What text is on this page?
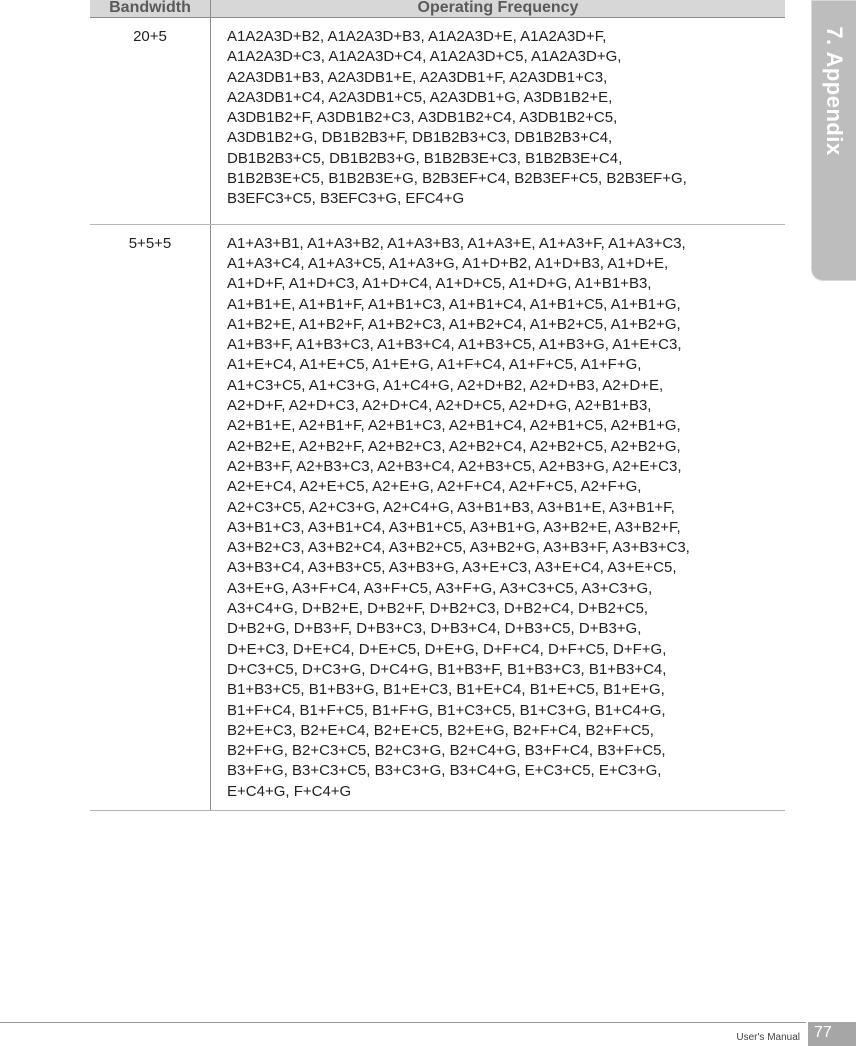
Bandwidth	Operating Frequency
20+5	A1A2A3D+B2, A1A2A3D+B3, A1A2A3D+E, A1A2A3D+F,
A1A2A3D+C3, A1A2A3D+C4, A1A2A3D+C5, A1A2A3D+G,
A2A3DB1+B3, A2A3DB1+E, A2A3DB1+F, A2A3DB1+C3,
A2A3DB1+C4, A2A3DB1+C5, A2A3DB1+G, A3DB1B2+E,
A3DB1B2+F, A3DB1B2+C3, A3DB1B2+C4, A3DB1B2+C5,
A3DB1B2+G, DB1B2B3+F, DB1B2B3+C3, DB1B2B3+C4,
DB1B2B3+C5, DB1B2B3+G, B1B2B3E+C3, B1B2B3E+C4,
B1B2B3E+C5, B1B2B3E+G, B2B3EF+C4, B2B3EF+C5, B2B3EF+G,
B3EFC3+C5, B3EFC3+G, EFC4+G
5+5+5	A1+A3+B1, A1+A3+B2, A1+A3+B3, A1+A3+E, A1+A3+F, A1+A3+C3,
A1+A3+C4, A1+A3+C5, A1+A3+G, A1+D+B2, A1+D+B3, A1+D+E,
A1+D+F, A1+D+C3, A1+D+C4, A1+D+C5, A1+D+G, A1+B1+B3,
A1+B1+E, A1+B1+F, A1+B1+C3, A1+B1+C4, A1+B1+C5, A1+B1+G,
A1+B2+E, A1+B2+F, A1+B2+C3, A1+B2+C4, A1+B2+C5, A1+B2+G,
A1+B3+F, A1+B3+C3, A1+B3+C4, A1+B3+C5, A1+B3+G, A1+E+C3,
A1+E+C4, A1+E+C5, A1+E+G, A1+F+C4, A1+F+C5, A1+F+G,
A1+C3+C5, A1+C3+G, A1+C4+G, A2+D+B2, A2+D+B3, A2+D+E,
A2+D+F, A2+D+C3, A2+D+C4, A2+D+C5, A2+D+G, A2+B1+B3,
A2+B1+E, A2+B1+F, A2+B1+C3, A2+B1+C4, A2+B1+C5, A2+B1+G,
A2+B2+E, A2+B2+F, A2+B2+C3, A2+B2+C4, A2+B2+C5, A2+B2+G,
A2+B3+F, A2+B3+C3, A2+B3+C4, A2+B3+C5, A2+B3+G, A2+E+C3,
A2+E+C4, A2+E+C5, A2+E+G, A2+F+C4, A2+F+C5, A2+F+G,
A2+C3+C5, A2+C3+G, A2+C4+G, A3+B1+B3, A3+B1+E, A3+B1+F,
A3+B1+C3, A3+B1+C4, A3+B1+C5, A3+B1+G, A3+B2+E, A3+B2+F,
A3+B2+C3, A3+B2+C4, A3+B2+C5, A3+B2+G, A3+B3+F, A3+B3+C3,
A3+B3+C4, A3+B3+C5, A3+B3+G, A3+E+C3, A3+E+C4, A3+E+C5,
A3+E+G, A3+F+C4, A3+F+C5, A3+F+G, A3+C3+C5, A3+C3+G,
A3+C4+G, D+B2+E, D+B2+F, D+B2+C3, D+B2+C4, D+B2+C5,
D+B2+G, D+B3+F, D+B3+C3, D+B3+C4, D+B3+C5, D+B3+G,
D+E+C3, D+E+C4, D+E+C5, D+E+G, D+F+C4, D+F+C5, D+F+G,
D+C3+C5, D+C3+G, D+C4+G, B1+B3+F, B1+B3+C3, B1+B3+C4,
B1+B3+C5, B1+B3+G, B1+E+C3, B1+E+C4, B1+E+C5, B1+E+G,
B1+F+C4, B1+F+C5, B1+F+G, B1+C3+C5, B1+C3+G, B1+C4+G,
B2+E+C3, B2+E+C4, B2+E+C5, B2+E+G, B2+F+C4, B2+F+C5,
B2+F+G, B2+C3+C5, B2+C3+G, B2+C4+G, B3+F+C4, B3+F+C5,
B3+F+G, B3+C3+C5, B3+C3+G, B3+C4+G, E+C3+C5, E+C3+G,
E+C4+G, F+C4+G
7. Appendix
User's Manual 77
